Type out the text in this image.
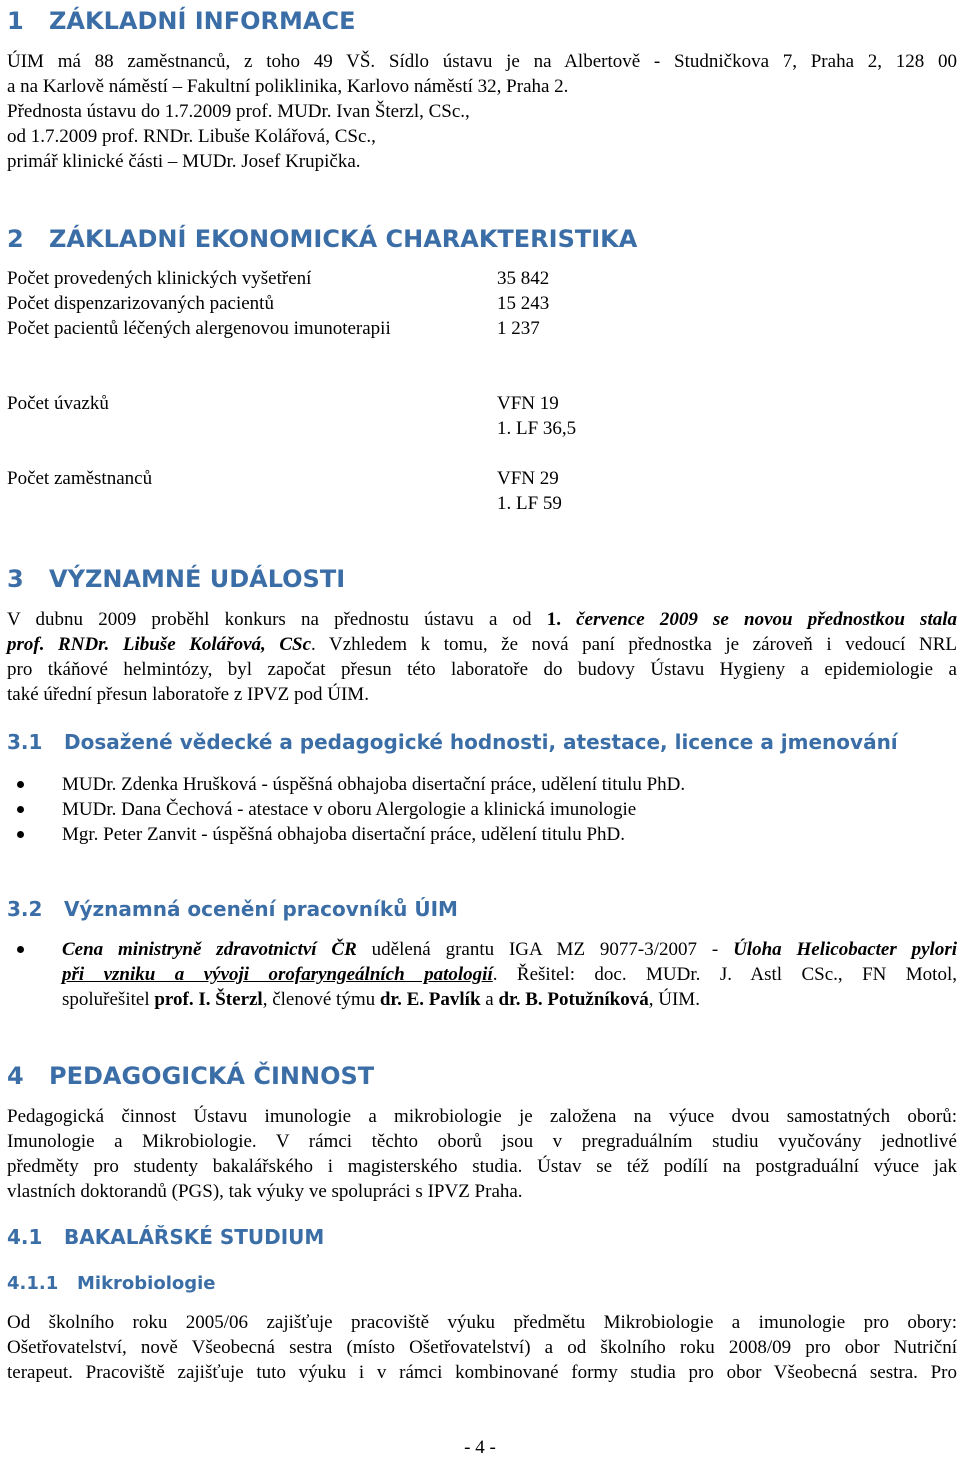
1 ZÁKLADNÍ INFORMACE
ÚIM má 88 zaměstnanců, z toho 49 VŠ. Sídlo ústavu je na Albertově - Studničkova 7, Praha 2, 128 00
a na Karlově náměstí – Fakultní poliklinika, Karlovo náměstí 32, Praha 2.
Přednosta ústavu do 1.7.2009 prof. MUDr. Ivan Šterzl, CSc.,
od 1.7.2009 prof. RNDr. Libuše Kolářová, CSc.,
primář klinické části – MUDr. Josef Krupička.
2 ZÁKLADNÍ EKONOMICKÁ CHARAKTERISTIKA
Počet provedených klinických vyšetření	35 842
Počet dispenzarizovaných pacientů	15 243
Počet pacientů léčených alergenovou imunoterapii	1 237
Počet úvazků	VFN 19
1. LF 36,5
Počet zaměstnanců	VFN 29
1. LF 59
3 VÝZNAMNÉ UDÁLOSTI
V dubnu 2009 proběhl konkurs na přednostu ústavu a od 1. července 2009 se novou přednostkou stala
prof. RNDr. Libuše Kolářová, CSc. Vzhledem k tomu, že nová paní přednostka je zároveň i vedoucí NRL
pro tkáňové helmintózy, byl započat přesun této laboratoře do budovy Ústavu Hygieny a epidemiologie a
také úřední přesun laboratoře z IPVZ pod ÚIM.
3.1 Dosažené vědecké a pedagogické hodnosti, atestace, licence a jmenování
MUDr. Zdenka Hrušková - úspěšná obhajoba disertační práce, udělení titulu PhD.
MUDr. Dana Čechová - atestace v oboru Alergologie a klinická imunologie
Mgr. Peter Zanvit - úspěšná obhajoba disertační práce, udělení titulu PhD.
3.2 Významná ocenění pracovníků ÚIM
Cena ministryně zdravotnictví ČR udělená grantu IGA MZ 9077-3/2007 - Úloha Helicobacter pylori
při vzniku a vývoji orofaryngeálních patologií. Řešitel: doc. MUDr. J. Astl CSc., FN Motol,
spoluřešitel prof. I. Šterzl, členové týmu dr. E. Pavlík a dr. B. Potužníková, ÚIM.
4 PEDAGOGICKÁ ČINNOST
Pedagogická činnost Ústavu imunologie a mikrobiologie je založena na výuce dvou samostatných oborů:
Imunologie a Mikrobiologie. V rámci těchto oborů jsou v pregraduálním studiu vyučovány jednotlivé
předměty pro studenty bakalářského i magisterského studia. Ústav se též podílí na postgraduální výuce jak
vlastních doktorandů (PGS), tak výuky ve spolupráci s IPVZ Praha.
4.1 BAKALÁŘSKÉ STUDIUM
4.1.1 Mikrobiologie
Od školního roku 2005/06 zajišťuje pracoviště výuku předmětu Mikrobiologie a imunologie pro obory:
Ošetřovatelství, nově Všeobecná sestra (místo Ošetřovatelství) a od školního roku 2008/09 pro obor Nutriční
terapeut. Pracoviště zajišťuje tuto výuku i v rámci kombinované formy studia pro obor Všeobecná sestra. Pro
- 4 -
